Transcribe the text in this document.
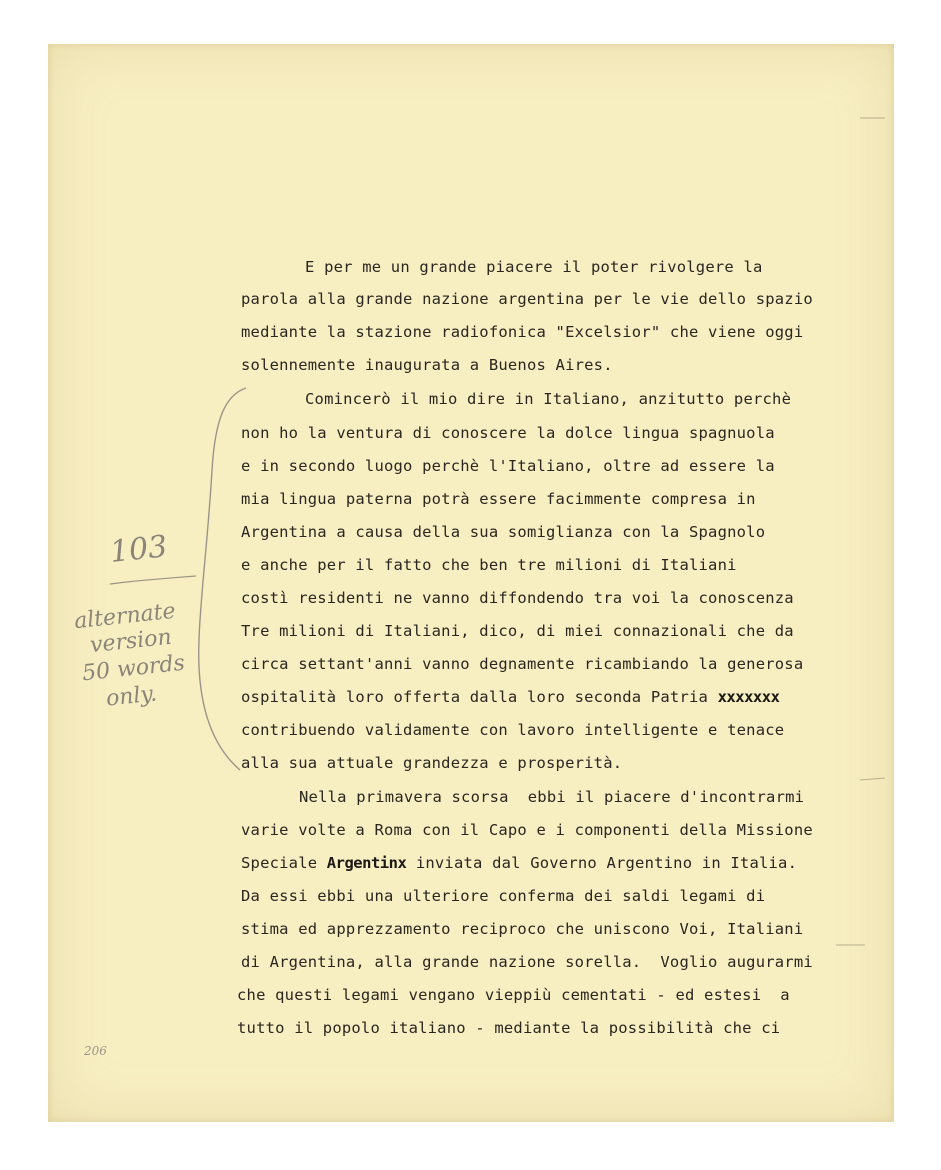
E per me un grande piacere il poter rivolgere la

parola alla grande nazione argentina per le vie dello spazio

mediante la stazione radiofonica "Excelsior" che viene oggi

solennemente inaugurata a Buenos Aires.

Comincerò il mio dire in Italiano, anzitutto perchè

non ho la ventura di conoscere la dolce lingua spagnuola

e in secondo luogo perchè l'Italiano, oltre ad essere la

mia lingua paterna potrà essere facimmente compresa in

Argentina a causa della sua somiglianza con la Spagnolo

e anche per il fatto che ben tre milioni di Italiani

costì residenti ne vanno diffondendo tra voi la conoscenza

Tre milioni di Italiani, dico, di miei connazionali che da

circa settant'anni vanno degnamente ricambiando la generosa

ospitalità loro offerta dalla loro seconda Patria xxxxxxx

contribuendo validamente con lavoro intelligente e tenace

alla sua attuale grandezza e prosperità.

Nella primavera scorsa  ebbi il piacere d'incontrarmi

varie volte a Roma con il Capo e i componenti della Missione

Speciale Argentinx inviata dal Governo Argentino in Italia.

Da essi ebbi una ulteriore conferma dei saldi legami di

stima ed apprezzamento reciproco che uniscono Voi, Italiani

di Argentina, alla grande nazione sorella.  Voglio augurarmi

che questi legami vengano vieppiù cementati - ed estesi  a

tutto il popolo italiano - mediante la possibilità che ci

103
alternate
version
50 words
only.
206
